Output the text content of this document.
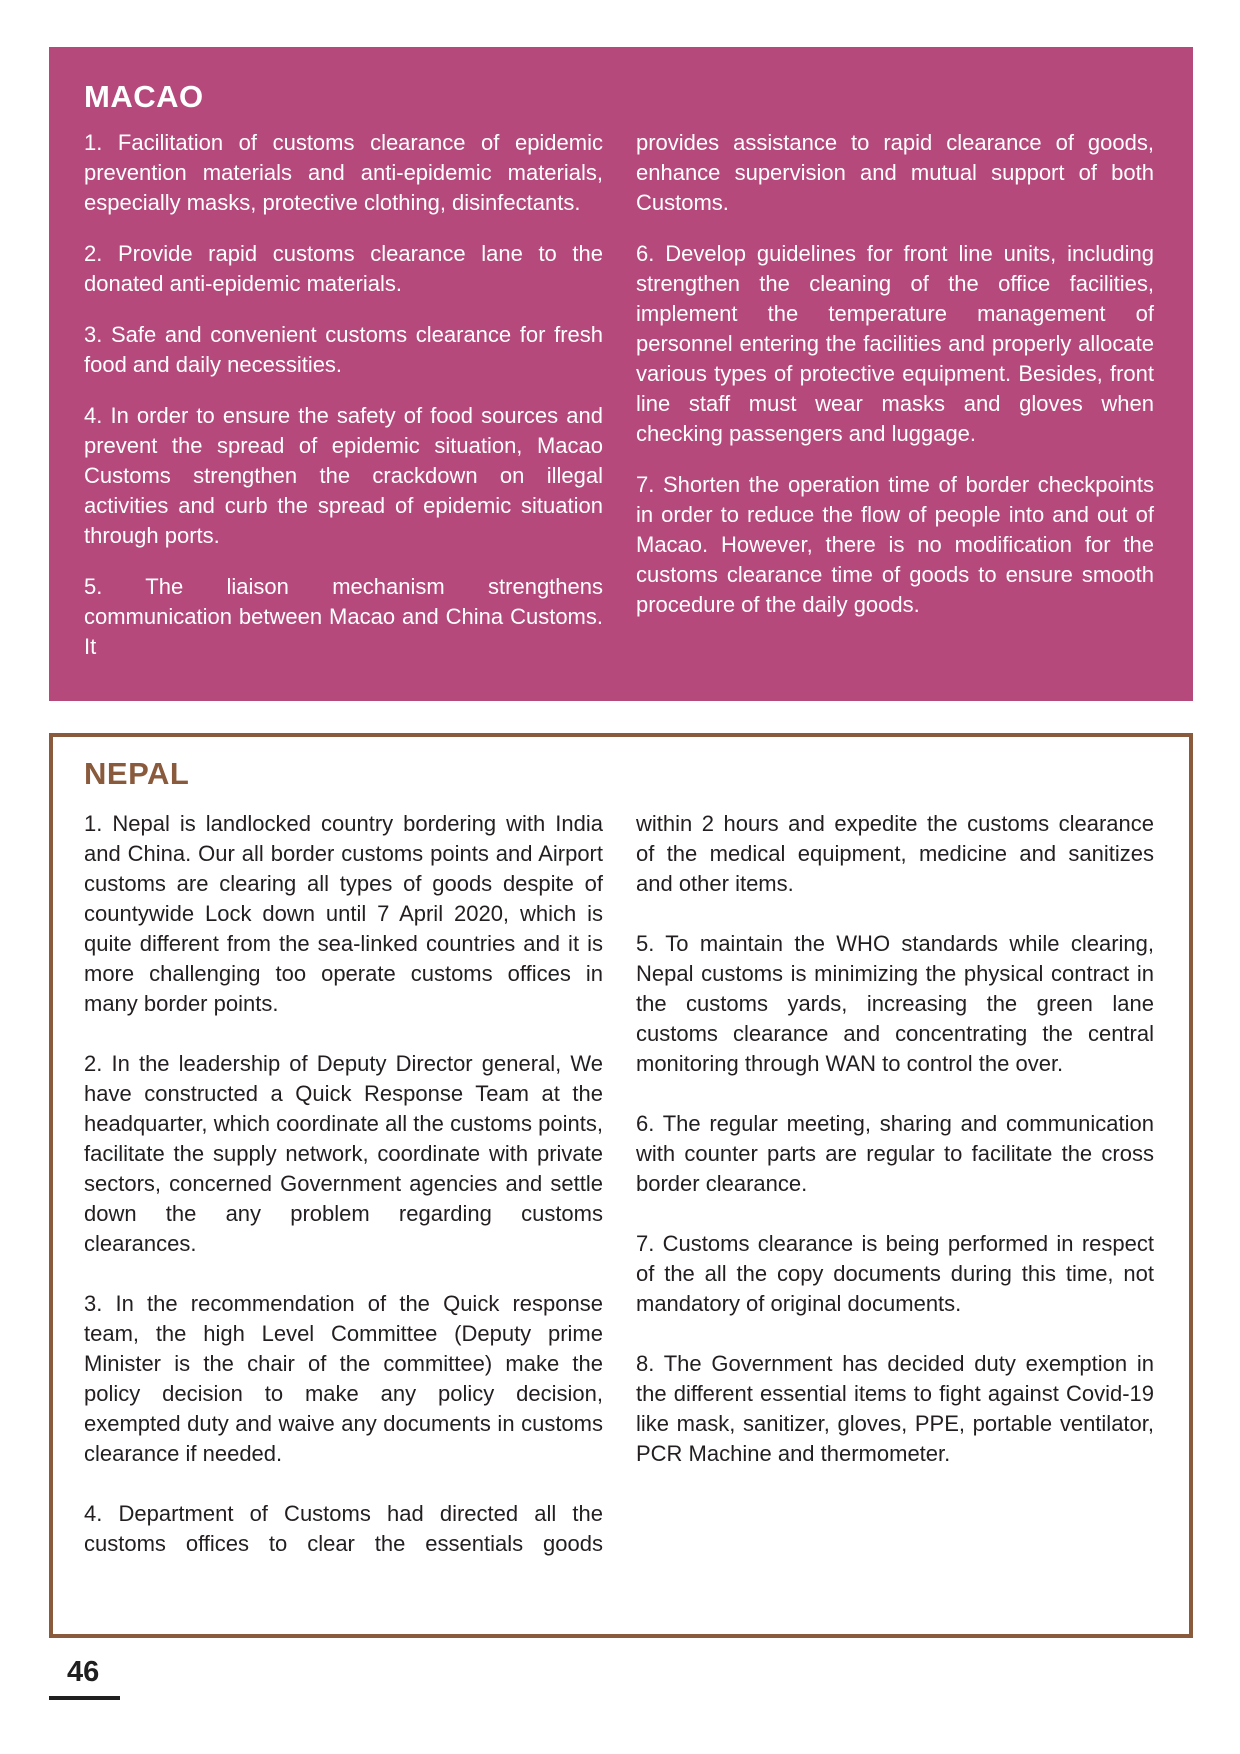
MACAO

1. Facilitation of customs clearance of epidemic prevention materials and anti-epidemic materials, especially masks, protective clothing, disinfectants.

2. Provide rapid customs clearance lane to the donated anti-epidemic materials.

3. Safe and convenient customs clearance for fresh food and daily necessities.

4. In order to ensure the safety of food sources and prevent the spread of epidemic situation, Macao Customs strengthen the crackdown on illegal activities and curb the spread of epidemic situation through ports.

5. The liaison mechanism strengthens communication between Macao and China Customs. It

provides assistance to rapid clearance of goods, enhance supervision and mutual support of both Customs.

6. Develop guidelines for front line units, including strengthen the cleaning of the office facilities, implement the temperature management of personnel entering the facilities and properly allocate various types of protective equipment. Besides, front line staff must wear masks and gloves when checking passengers and luggage.

7. Shorten the operation time of border checkpoints in order to reduce the flow of people into and out of Macao. However, there is no modification for the customs clearance time of goods to ensure smooth procedure of the daily goods.

NEPAL

1. Nepal is landlocked country bordering with India and China. Our all border customs points and Airport customs are clearing all types of goods despite of countywide Lock down until 7 April 2020, which is quite different from the sea-linked countries and it is more challenging too operate customs offices in many border points.

2. In the leadership of Deputy Director general, We have constructed a Quick Response Team at the headquarter, which coordinate all the customs points, facilitate the supply network, coordinate with private sectors, concerned Government agencies and settle down the any problem regarding customs clearances.

3. In the recommendation of the Quick response team, the high Level Committee (Deputy prime Minister is the chair of the committee) make the policy decision to make any policy decision, exempted duty and waive any documents in customs clearance if needed.

4. Department of Customs had directed all the customs offices to clear the essentials goods

within 2 hours and expedite the customs clearance of the medical equipment, medicine and sanitizes and other items.

5. To maintain the WHO standards while clearing, Nepal customs is minimizing the physical contract in the customs yards, increasing the green lane customs clearance and concentrating the central monitoring through WAN to control the over.

6. The regular meeting, sharing and communication with counter parts are regular to facilitate the cross border clearance.

7. Customs clearance is being performed in respect of the all the copy documents during this time, not mandatory of original documents.

8. The Government has decided duty exemption in the different essential items to fight against Covid-19 like mask, sanitizer, gloves, PPE, portable ventilator, PCR Machine and thermometer.

46
